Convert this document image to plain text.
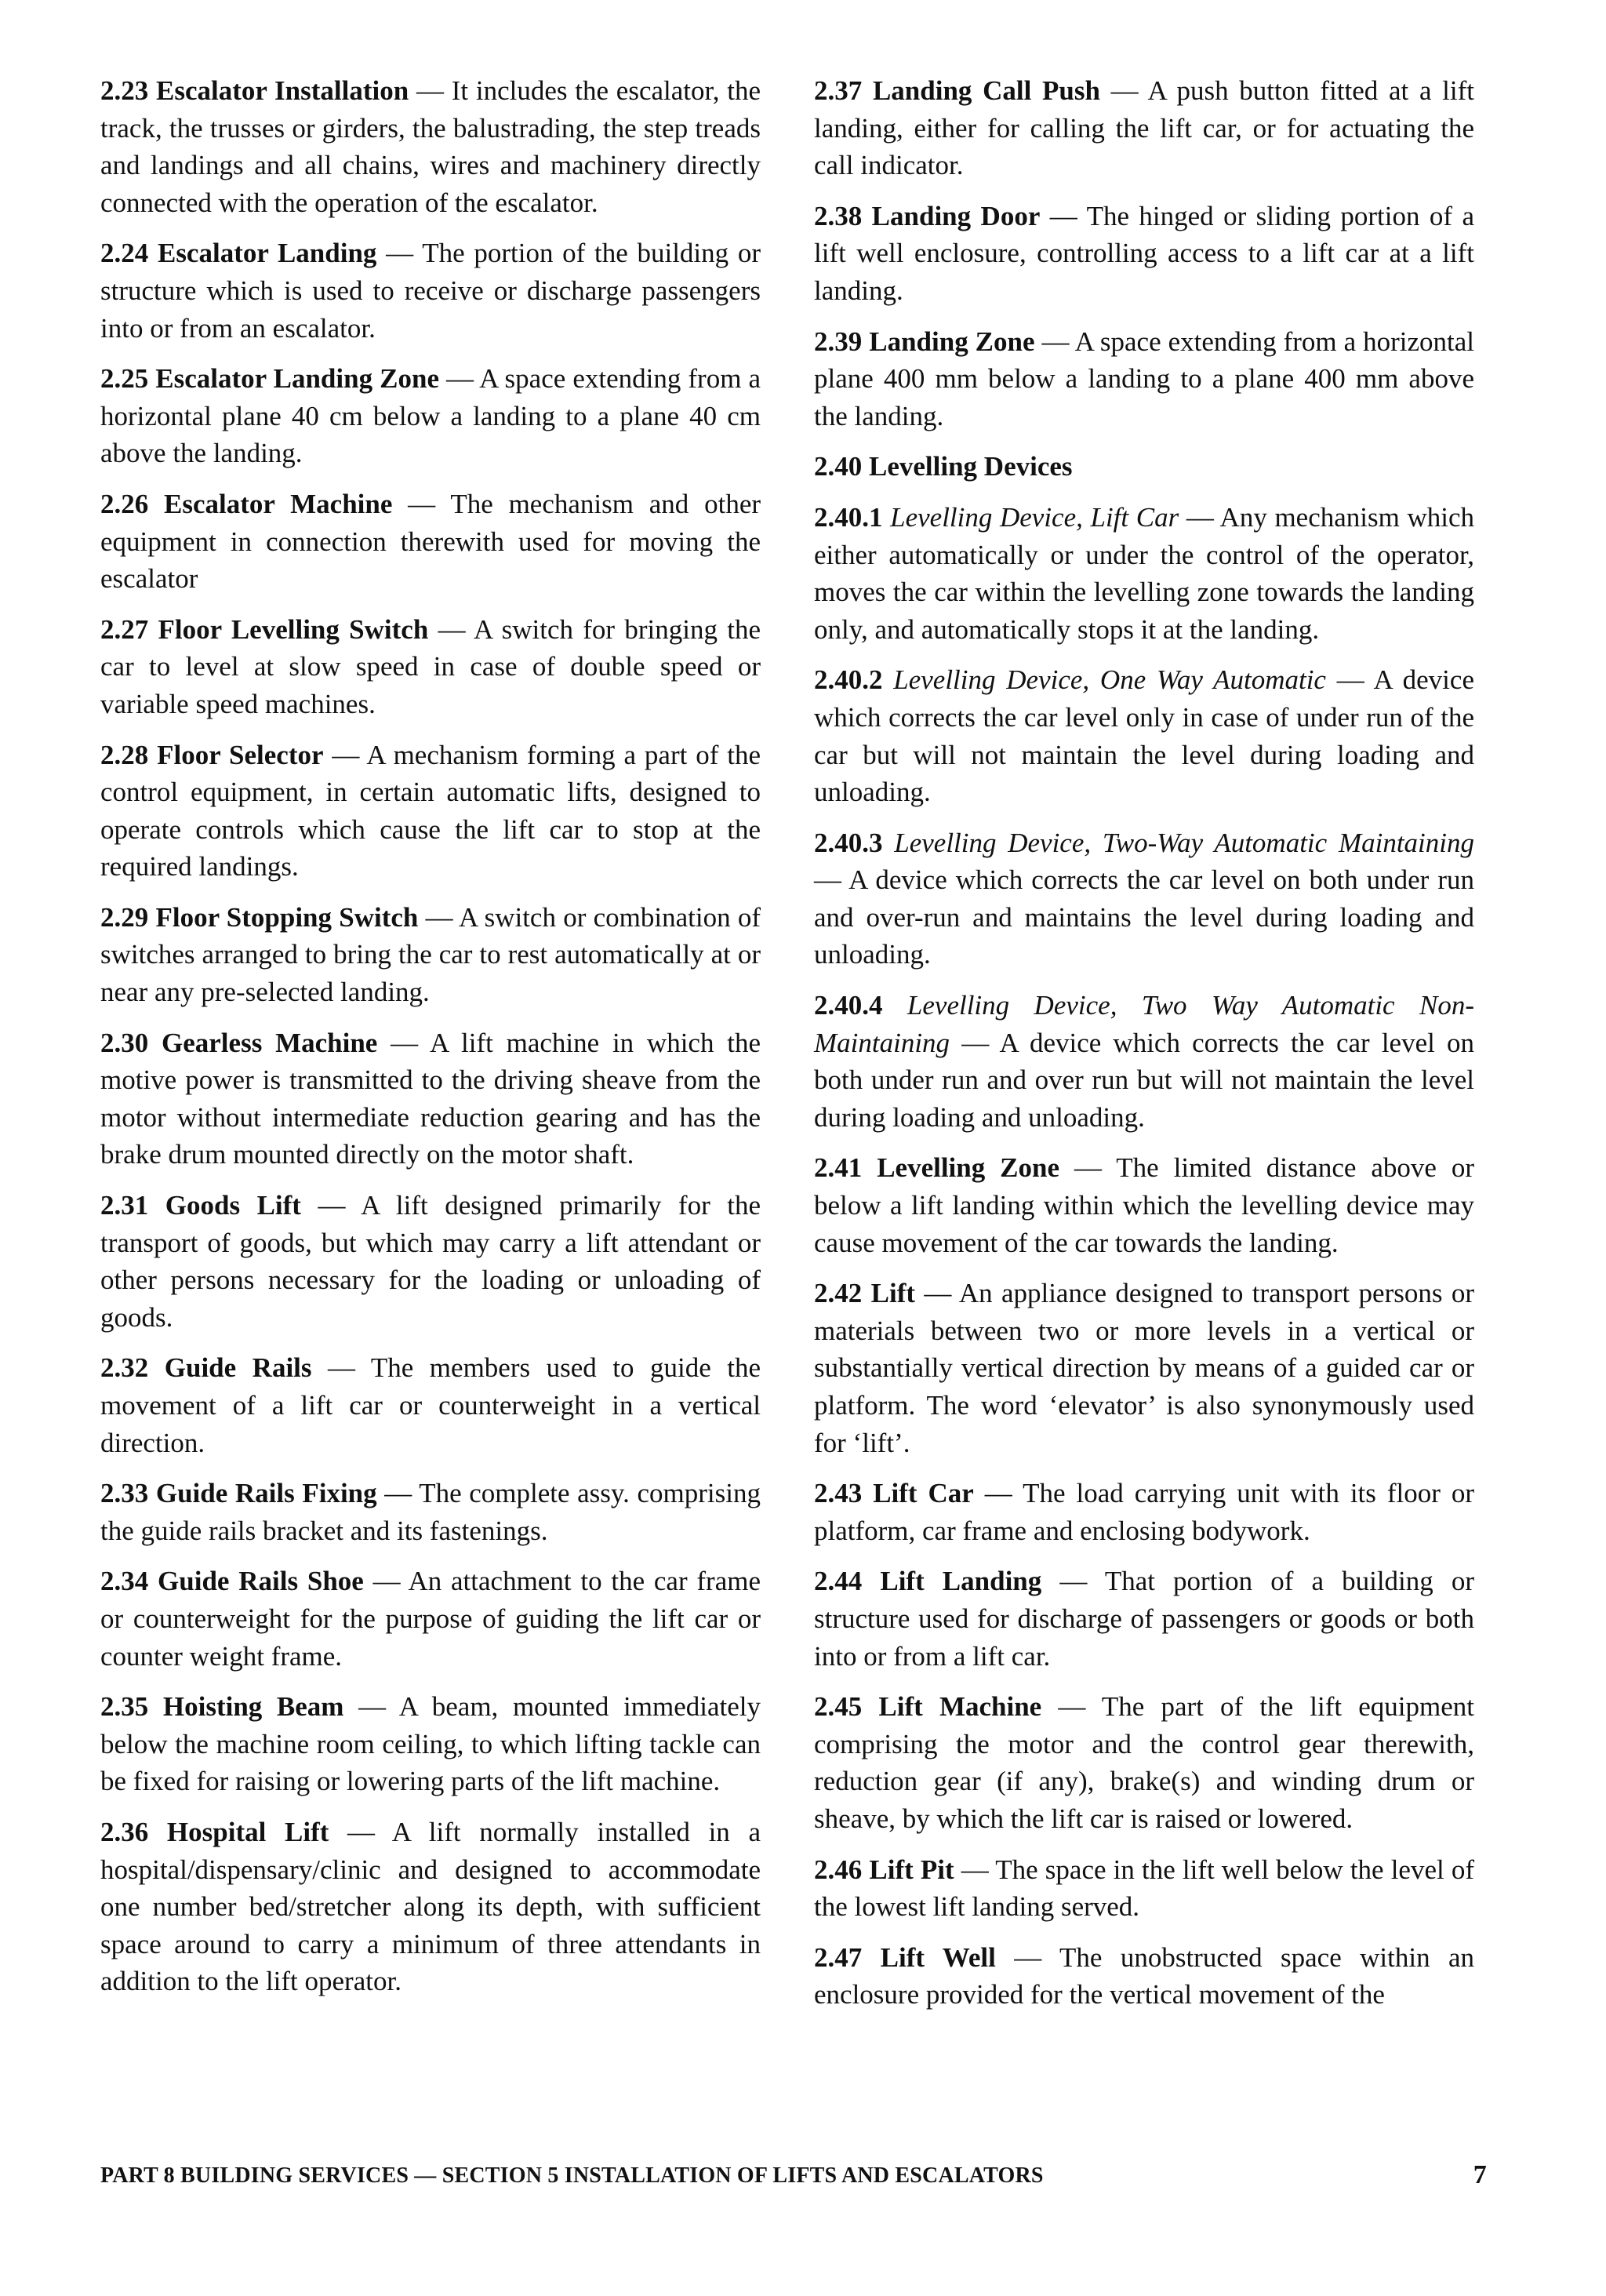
2.23 Escalator Installation — It includes the escalator, the track, the trusses or girders, the balustrading, the step treads and landings and all chains, wires and machinery directly connected with the operation of the escalator.

2.24 Escalator Landing — The portion of the building or structure which is used to receive or discharge passengers into or from an escalator.

2.25 Escalator Landing Zone — A space extending from a horizontal plane 40 cm below a landing to a plane 40 cm above the landing.

2.26 Escalator Machine — The mechanism and other equipment in connection therewith used for moving the escalator

2.27 Floor Levelling Switch — A switch for bringing the car to level at slow speed in case of double speed or variable speed machines.

2.28 Floor Selector — A mechanism forming a part of the control equipment, in certain automatic lifts, designed to operate controls which cause the lift car to stop at the required landings.

2.29 Floor Stopping Switch — A switch or combination of switches arranged to bring the car to rest automatically at or near any pre-selected landing.

2.30 Gearless Machine — A lift machine in which the motive power is transmitted to the driving sheave from the motor without intermediate reduction gearing and has the brake drum mounted directly on the motor shaft.

2.31 Goods Lift — A lift designed primarily for the transport of goods, but which may carry a lift attendant or other persons necessary for the loading or unloading of goods.

2.32 Guide Rails — The members used to guide the movement of a lift car or counterweight in a vertical direction.

2.33 Guide Rails Fixing — The complete assy. comprising the guide rails bracket and its fastenings.

2.34 Guide Rails Shoe — An attachment to the car frame or counterweight for the purpose of guiding the lift car or counter weight frame.

2.35 Hoisting Beam — A beam, mounted immediately below the machine room ceiling, to which lifting tackle can be fixed for raising or lowering parts of the lift machine.

2.36 Hospital Lift — A lift normally installed in a hospital/dispensary/clinic and designed to accommodate one number bed/stretcher along its depth, with sufficient space around to carry a minimum of three attendants in addition to the lift operator.

2.37 Landing Call Push — A push button fitted at a lift landing, either for calling the lift car, or for actuating the call indicator.

2.38 Landing Door — The hinged or sliding portion of a lift well enclosure, controlling access to a lift car at a lift landing.

2.39 Landing Zone — A space extending from a horizontal plane 400 mm below a landing to a plane 400 mm above the landing.

2.40 Levelling Devices

2.40.1 Levelling Device, Lift Car — Any mechanism which either automatically or under the control of the operator, moves the car within the levelling zone towards the landing only, and automatically stops it at the landing.

2.40.2 Levelling Device, One Way Automatic — A device which corrects the car level only in case of under run of the car but will not maintain the level during loading and unloading.

2.40.3 Levelling Device, Two-Way Automatic Maintaining — A device which corrects the car level on both under run and over-run and maintains the level during loading and unloading.

2.40.4 Levelling Device, Two Way Automatic Non-Maintaining — A device which corrects the car level on both under run and over run but will not maintain the level during loading and unloading.

2.41 Levelling Zone — The limited distance above or below a lift landing within which the levelling device may cause movement of the car towards the landing.

2.42 Lift — An appliance designed to transport persons or materials between two or more levels in a vertical or substantially vertical direction by means of a guided car or platform. The word ‘elevator’ is also synonymously used for ‘lift’.

2.43 Lift Car — The load carrying unit with its floor or platform, car frame and enclosing bodywork.

2.44 Lift Landing — That portion of a building or structure used for discharge of passengers or goods or both into or from a lift car.

2.45 Lift Machine — The part of the lift equipment comprising the motor and the control gear therewith, reduction gear (if any), brake(s) and winding drum or sheave, by which the lift car is raised or lowered.

2.46 Lift Pit — The space in the lift well below the level of the lowest lift landing served.

2.47 Lift Well — The unobstructed space within an enclosure provided for the vertical movement of the

PART 8 BUILDING SERVICES — SECTION 5 INSTALLATION OF LIFTS AND ESCALATORS	7
